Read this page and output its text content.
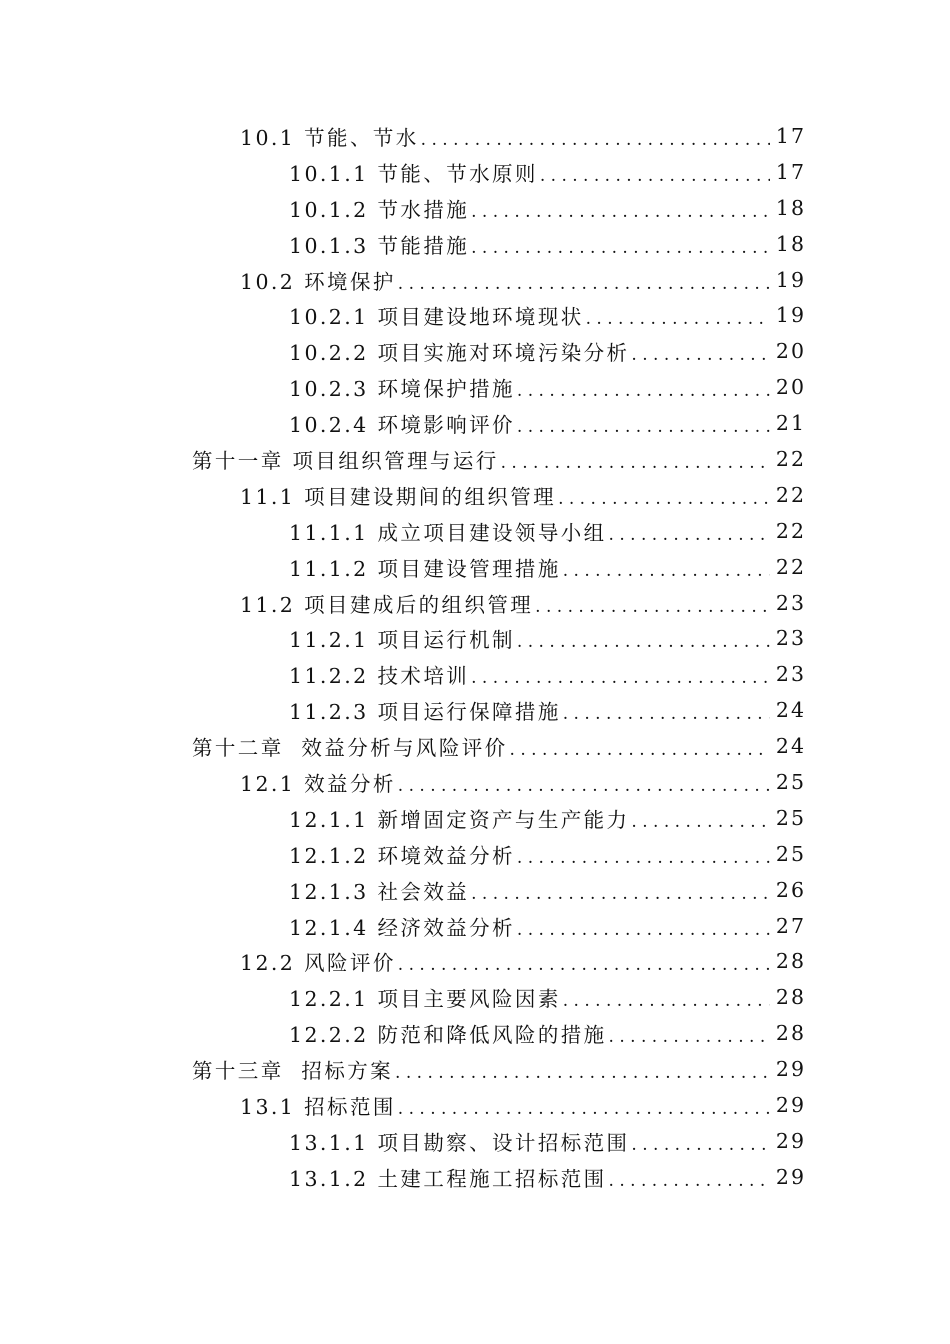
10.1 节能、节水 . . .	17
10.1.1 节能、节水原则 . . .	17
10.1.2 节水措施 . . .	18
10.1.3 节能措施 . . .	18
10.2 环境保护 . . .	19
10.2.1 项目建设地环境现状 . . .	19
10.2.2 项目实施对环境污染分析 . . .	20
10.2.3 环境保护措施 . . .	20
10.2.4 环境影响评价 . . .	21
第十一章 项目组织管理与运行 . . .	22
11.1 项目建设期间的组织管理 . . .	22
11.1.1 成立项目建设领导小组 . . .	22
11.1.2 项目建设管理措施 . . .	22
11.2 项目建成后的组织管理 . . .	23
11.2.1 项目运行机制 . . .	23
11.2.2 技术培训 . . .	23
11.2.3 项目运行保障措施 . . .	24
第十二章  效益分析与风险评价 . . .	24
12.1 效益分析 . . .	25
12.1.1 新增固定资产与生产能力 . . .	25
12.1.2 环境效益分析 . . .	25
12.1.3 社会效益 . . .	26
12.1.4 经济效益分析 . . .	27
12.2 风险评价 . . .	28
12.2.1 项目主要风险因素 . . .	28
12.2.2 防范和降低风险的措施 . . .	28
第十三章  招标方案 . . .	29
13.1 招标范围 . . .	29
13.1.1 项目勘察、设计招标范围 . . .	29
13.1.2 土建工程施工招标范围 . . .	29
